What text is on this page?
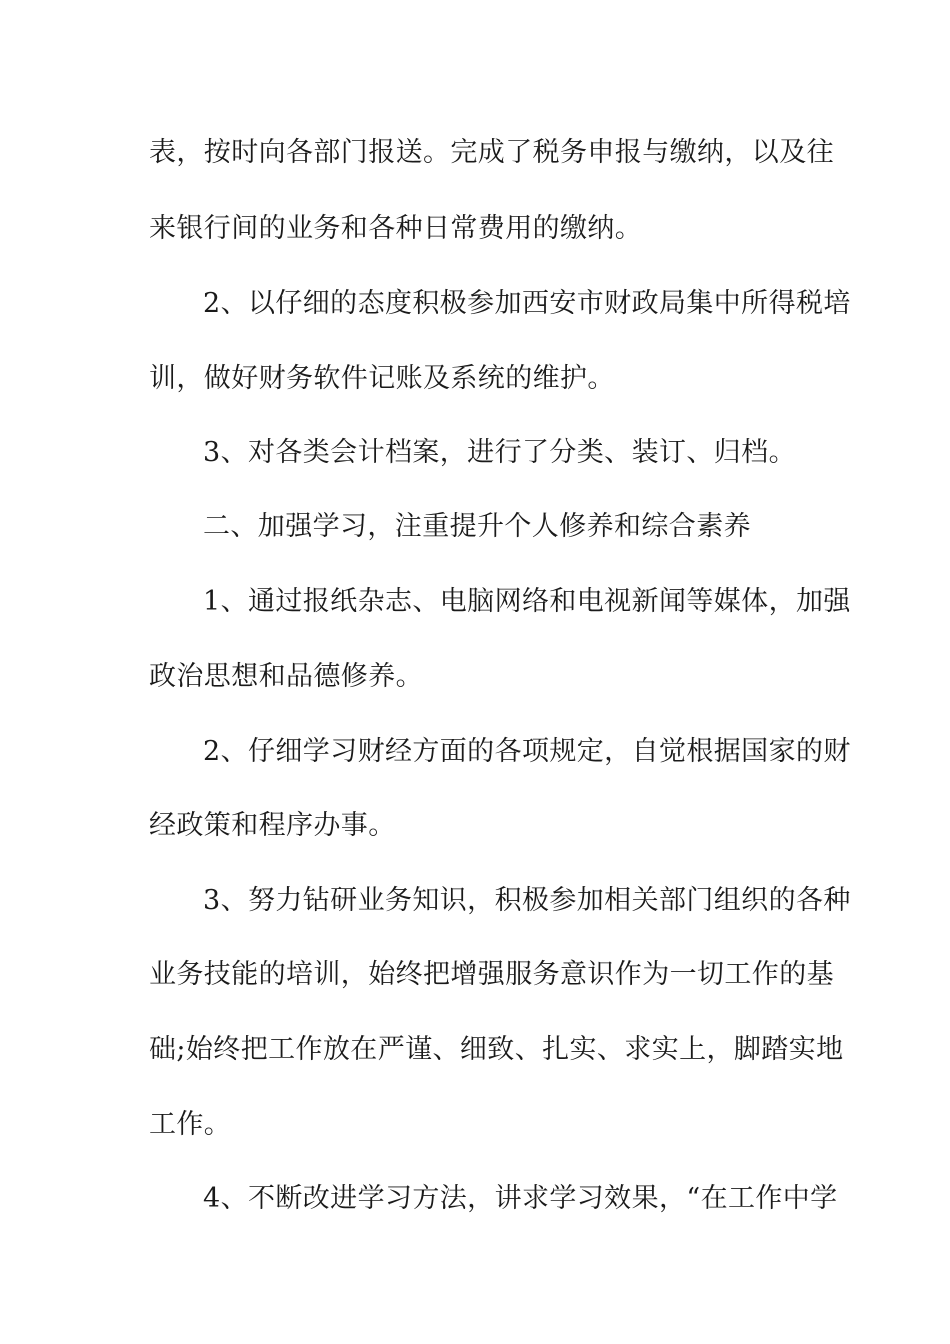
表，按时向各部门报送。完成了税务申报与缴纳，以及往
来银行间的业务和各种日常费用的缴纳。
2、以仔细的态度积极参加西安市财政局集中所得税培
训，做好财务软件记账及系统的维护。
3、对各类会计档案，进行了分类、装订、归档。
二、加强学习，注重提升个人修养和综合素养
1、通过报纸杂志、电脑网络和电视新闻等媒体，加强
政治思想和品德修养。
2、仔细学习财经方面的各项规定，自觉根据国家的财
经政策和程序办事。
3、努力钻研业务知识，积极参加相关部门组织的各种
业务技能的培训，始终把增强服务意识作为一切工作的基
础;始终把工作放在严谨、细致、扎实、求实上，脚踏实地
工作。
4、不断改进学习方法，讲求学习效果，“在工作中学
